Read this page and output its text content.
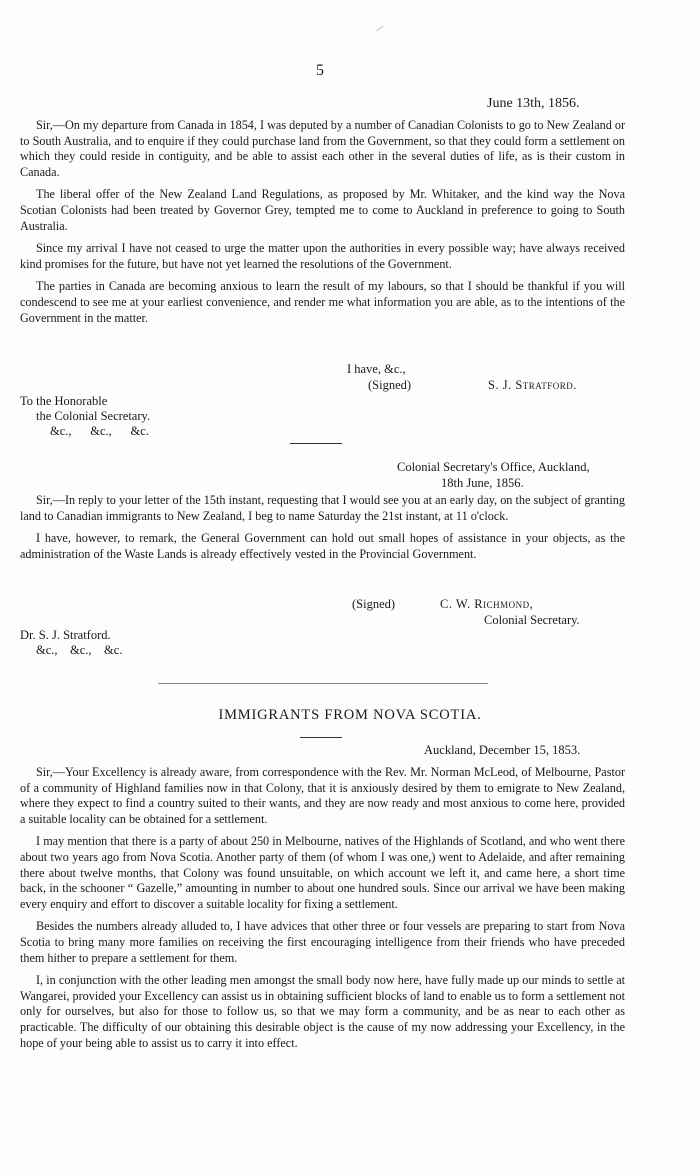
5
June 13th, 1856.

Sir,—On my departure from Canada in 1854, I was deputed by a number of Canadian Colonists to go to New Zealand or to South Australia, and to enquire if they could purchase land from the Government, so that they could form a settlement on which they could reside in contiguity, and be able to assist each other in the several duties of life, as is their custom in Canada.

The liberal offer of the New Zealand Land Regulations, as proposed by Mr. Whitaker, and the kind way the Nova Scotian Colonists had been treated by Governor Grey, tempted me to come to Auckland in preference to going to South Australia.

Since my arrival I have not ceased to urge the matter upon the authorities in every possible way; have always received kind promises for the future, but have not yet learned the resolutions of the Government.

The parties in Canada are becoming anxious to learn the result of my labours, so that I should be thankful if you will condescend to see me at your earliest convenience, and render me what information you are able, as to the intentions of the Government in the matter.

I have, &c.,
(Signed)	S. J. Stratford.
To the Honorable
the Colonial Secretary.
&c.,      &c.,      &c.
Colonial Secretary's Office, Auckland,
18th June, 1856.

Sir,—In reply to your letter of the 15th instant, requesting that I would see you at an early day, on the subject of granting land to Canadian immigrants to New Zealand, I beg to name Saturday the 21st instant, at 11 o'clock.

I have, however, to remark, the General Government can hold out small hopes of assistance in your objects, as the administration of the Waste Lands is already effectively vested in the Provincial Government.

(Signed)	C. W. Richmond,
Colonial Secretary.
Dr. S. J. Stratford.
&c.,    &c.,    &c.
IMMIGRANTS FROM NOVA SCOTIA.
Auckland, December 15, 1853.

Sir,—Your Excellency is already aware, from correspondence with the Rev. Mr. Norman McLeod, of Melbourne, Pastor of a community of Highland families now in that Colony, that it is anxiously desired by them to emigrate to New Zealand, where they expect to find a country suited to their wants, and they are now ready and most anxious to come here, provided a suitable locality can be obtained for a settlement.

I may mention that there is a party of about 250 in Melbourne, natives of the Highlands of Scotland, and who went there about two years ago from Nova Scotia. Another party of them (of whom I was one,) went to Adelaide, and after remaining there about twelve months, that Colony was found unsuitable, on which account we left it, and came here, a short time back, in the schooner “ Gazelle,” amounting in number to about one hundred souls. Since our arrival we have been making every enquiry and effort to discover a suitable locality for fixing a settlement.

Besides the numbers already alluded to, I have advices that other three or four vessels are preparing to start from Nova Scotia to bring many more families on receiving the first encouraging intelligence from their friends who have preceded them hither to prepare a settlement for them.

I, in conjunction with the other leading men amongst the small body now here, have fully made up our minds to settle at Wangarei, provided your Excellency can assist us in obtaining sufficient blocks of land to enable us to form a settlement not only for ourselves, but also for those to follow us, so that we may form a community, and be as near to each other as practicable. The difficulty of our obtaining this desirable object is the cause of my now addressing your Excellency, in the hope of your being able to assist us to carry it into effect.
